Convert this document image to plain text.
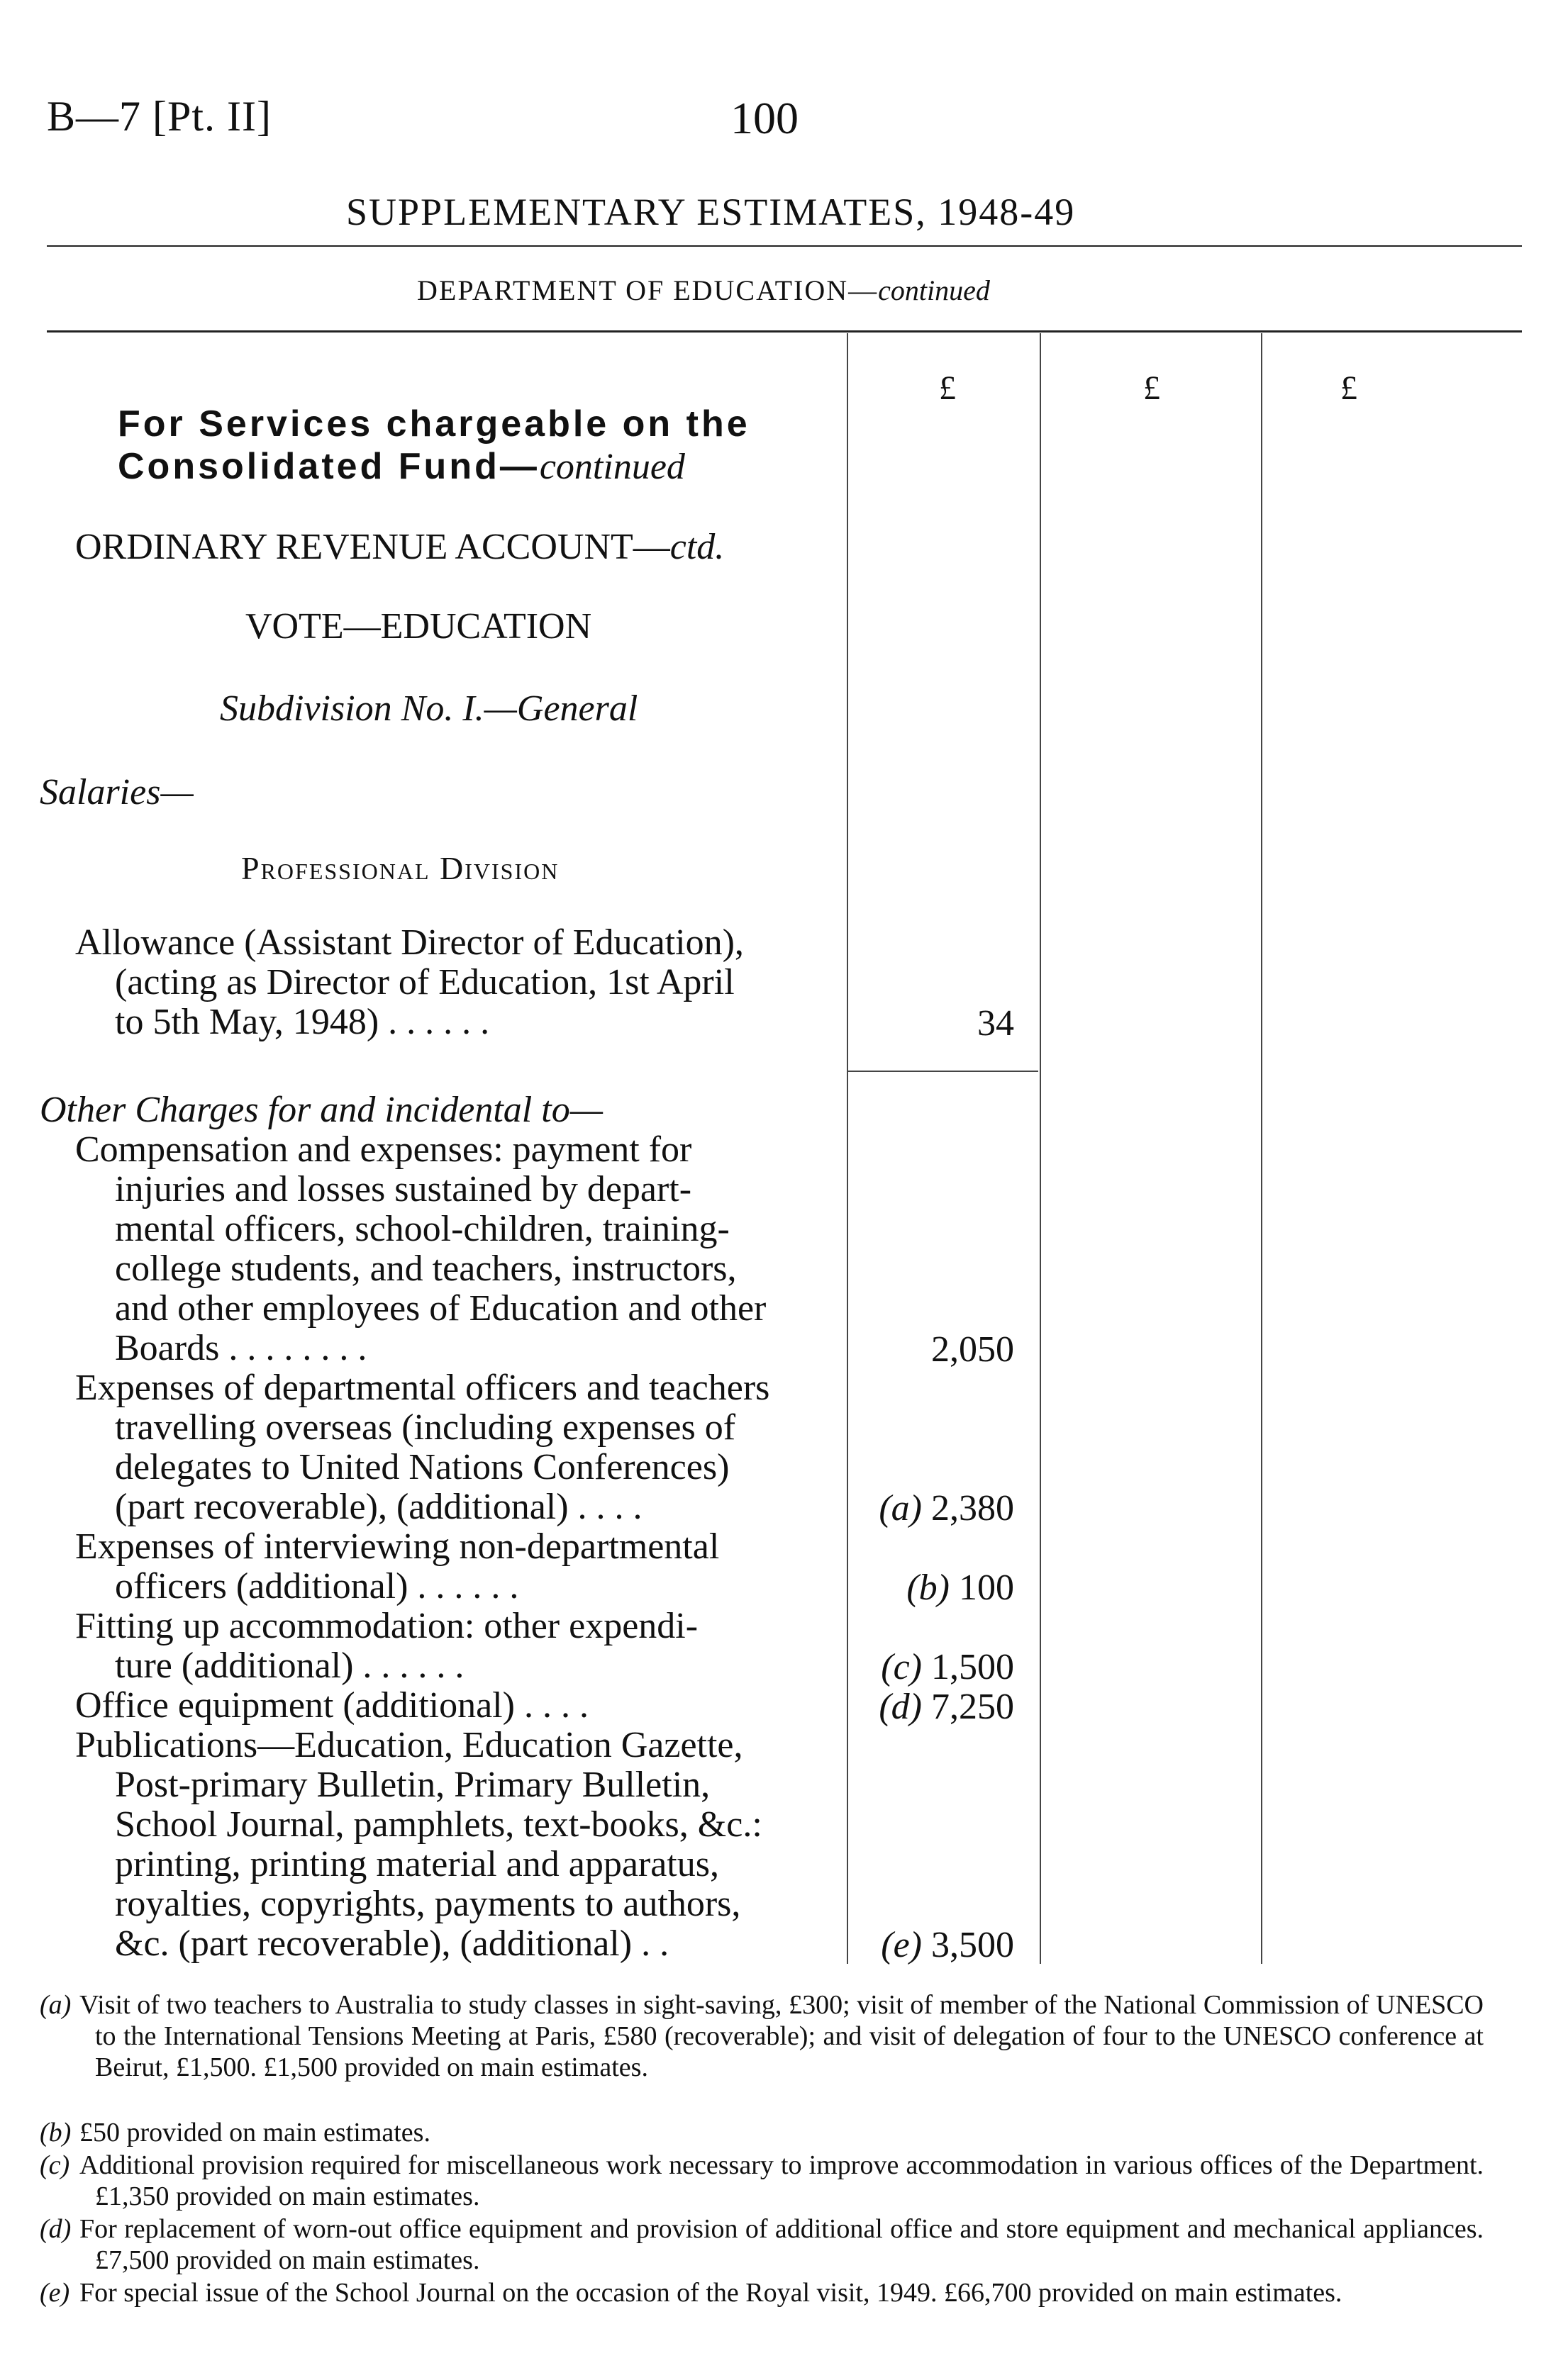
B—7 [Pt. II]	100
SUPPLEMENTARY ESTIMATES, 1948-49
DEPARTMENT OF EDUCATION—continued
£	£	£
For Services chargeable on the
Consolidated Fund—continued
ORDINARY REVENUE ACCOUNT—ctd.
VOTE—EDUCATION
Subdivision No. I.—General
Salaries—
Professional Division
Allowance (Assistant Director of Education),
(acting as Director of Education, 1st April
to 5th May, 1948) . . . . . .	34
Other Charges for and incidental to—
Compensation and expenses: payment for
injuries and losses sustained by depart-
mental officers, school-children, training-
college students, and teachers, instructors,
and other employees of Education and other
Boards . . . . . . . .	2,050
Expenses of departmental officers and teachers
travelling overseas (including expenses of
delegates to United Nations Conferences)
(part recoverable), (additional) . . . .	(a) 2,380
Expenses of interviewing non-departmental
officers (additional) . . . . . .	(b) 100
Fitting up accommodation: other expendi-
ture (additional) . . . . . .	(c) 1,500
Office equipment (additional) . . . .	(d) 7,250
Publications—Education, Education Gazette,
Post-primary Bulletin, Primary Bulletin,
School Journal, pamphlets, text-books, &c.:
printing, printing material and apparatus,
royalties, copyrights, payments to authors,
&c. (part recoverable), (additional) . .	(e) 3,500
(a) Visit of two teachers to Australia to study classes in sight-saving, £300; visit of member of the National Commission of UNESCO to the International Tensions Meeting at Paris, £580 (recoverable); and visit of delegation of four to the UNESCO conference at Beirut, £1,500. £1,500 provided on main estimates.
(b) £50 provided on main estimates.
(c) Additional provision required for miscellaneous work necessary to improve accommodation in various offices of the Department. £1,350 provided on main estimates.
(d) For replacement of worn-out office equipment and provision of additional office and store equipment and mechanical appliances. £7,500 provided on main estimates.
(e) For special issue of the School Journal on the occasion of the Royal visit, 1949. £66,700 provided on main estimates.
